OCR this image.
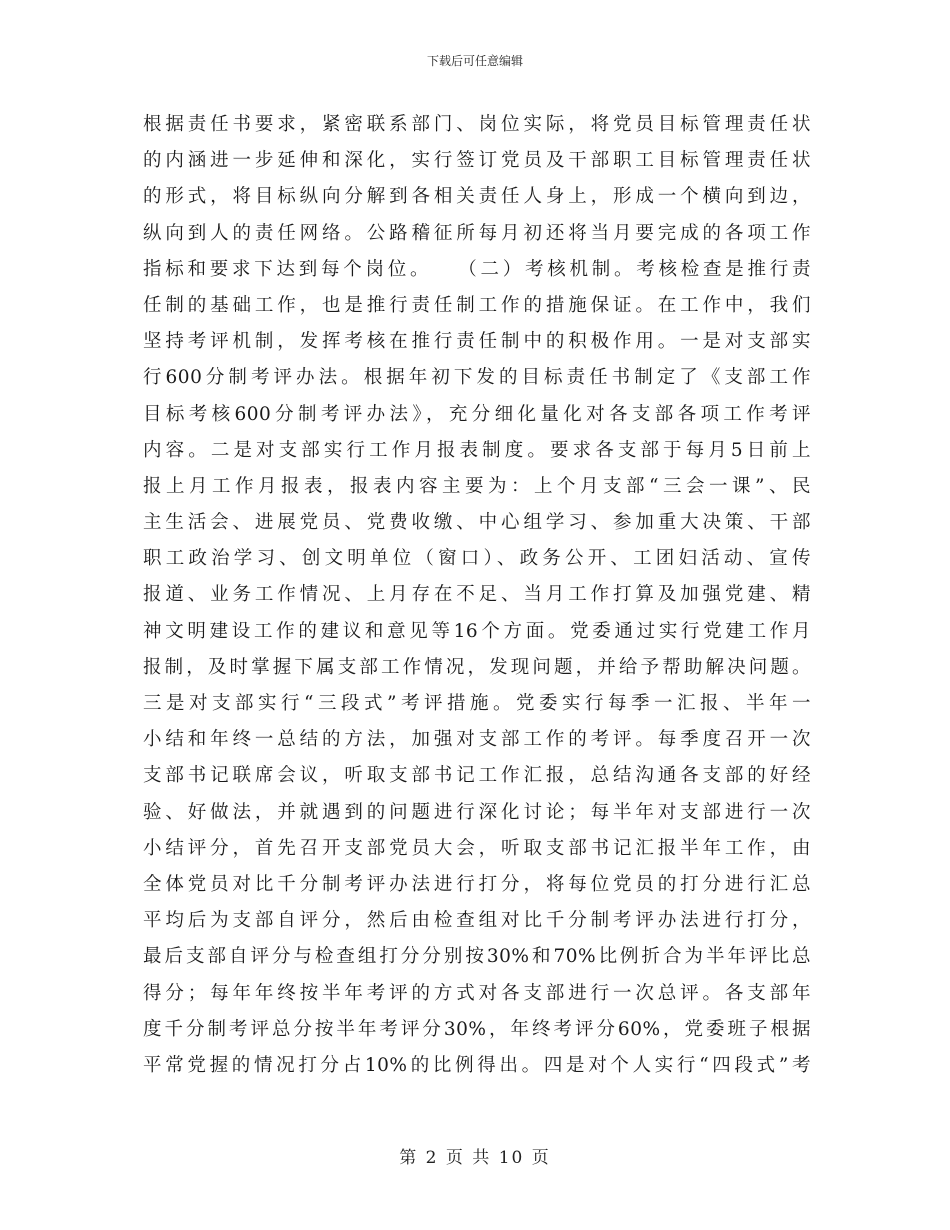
下载后可任意编辑
根据责任书要求，紧密联系部门、岗位实际，将党员目标管理责任状
的内涵进一步延伸和深化，实行签订党员及干部职工目标管理责任状
的形式，将目标纵向分解到各相关责任人身上，形成一个横向到边，
纵向到人的责任网络。公路稽征所每月初还将当月要完成的各项工作
指标和要求下达到每个岗位。　　（二）考核机制。考核检查是推行责
任制的基础工作，也是推行责任制工作的措施保证。在工作中，我们
坚持考评机制，发挥考核在推行责任制中的积极作用。一是对支部实
行600分制考评办法。根据年初下发的目标责任书制定了《支部工作
目标考核600分制考评办法》，充分细化量化对各支部各项工作考评
内容。二是对支部实行工作月报表制度。要求各支部于每月5日前上
报上月工作月报表，报表内容主要为：上个月支部“三会一课”、民
主生活会、进展党员、党费收缴、中心组学习、参加重大决策、干部
职工政治学习、创文明单位（窗口）、政务公开、工团妇活动、宣传
报道、业务工作情况、上月存在不足、当月工作打算及加强党建、精
神文明建设工作的建议和意见等16个方面。党委通过实行党建工作月
报制，及时掌握下属支部工作情况，发现问题，并给予帮助解决问题。
三是对支部实行“三段式”考评措施。党委实行每季一汇报、半年一
小结和年终一总结的方法，加强对支部工作的考评。每季度召开一次
支部书记联席会议，听取支部书记工作汇报，总结沟通各支部的好经
验、好做法，并就遇到的问题进行深化讨论；每半年对支部进行一次
小结评分，首先召开支部党员大会，听取支部书记汇报半年工作，由
全体党员对比千分制考评办法进行打分，将每位党员的打分进行汇总
平均后为支部自评分，然后由检查组对比千分制考评办法进行打分，
最后支部自评分与检查组打分分别按30%和70%比例折合为半年评比总
得分；每年年终按半年考评的方式对各支部进行一次总评。各支部年
度千分制考评总分按半年考评分30%，年终考评分60%，党委班子根据
平常党握的情况打分占10%的比例得出。四是对个人实行“四段式”考
第 2 页 共 10 页
